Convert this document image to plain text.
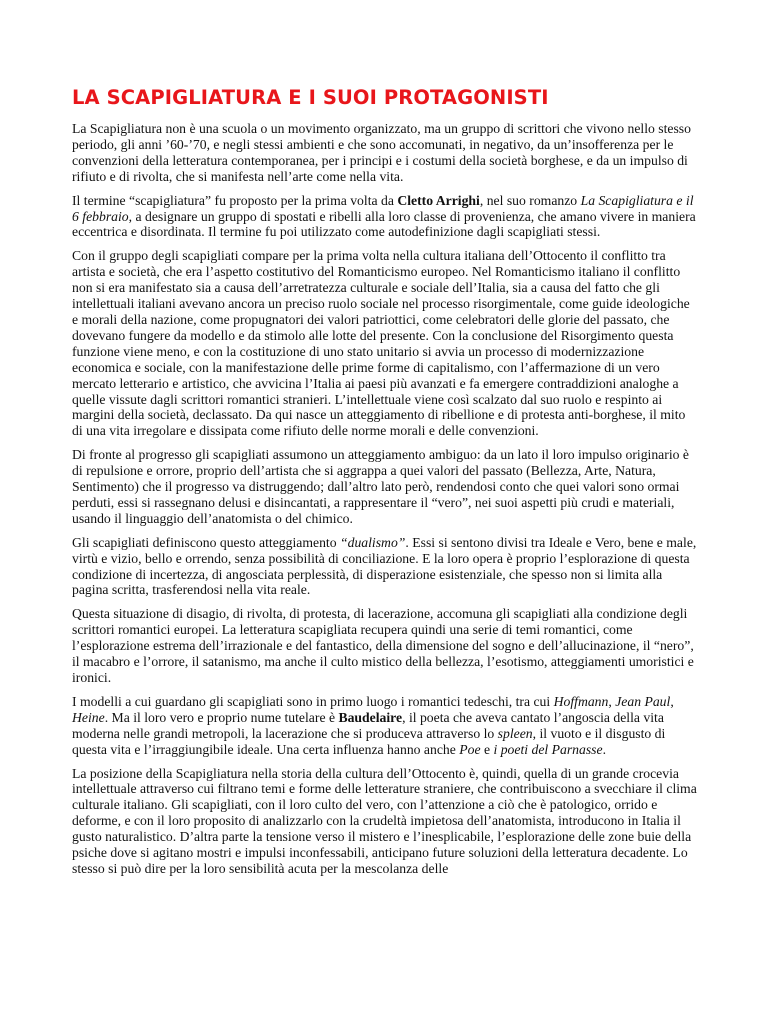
LA SCAPIGLIATURA E I SUOI PROTAGONISTI

La Scapigliatura non è una scuola o un movimento organizzato, ma un gruppo di scrittori che vivono nello stesso periodo, gli anni ’60-’70, e negli stessi ambienti e che sono accomunati, in negativo, da un’insofferenza per le convenzioni della letteratura contemporanea, per i principi e i costumi della società borghese, e da un impulso di rifiuto e di rivolta, che si manifesta nell’arte come nella vita.

Il termine “scapigliatura” fu proposto per la prima volta da Cletto Arrighi, nel suo romanzo La Scapigliatura e il 6 febbraio, a designare un gruppo di spostati e ribelli alla loro classe di provenienza, che amano vivere in maniera eccentrica e disordinata. Il termine fu poi utilizzato come autodefinizione dagli scapigliati stessi.

Con il gruppo degli scapigliati compare per la prima volta nella cultura italiana dell’Ottocento il conflitto tra artista e società, che era l’aspetto costitutivo del Romanticismo europeo. Nel Romanticismo italiano il conflitto non si era manifestato sia a causa dell’arretratezza culturale e sociale dell’Italia, sia a causa del fatto che gli intellettuali italiani avevano ancora un preciso ruolo sociale nel processo risorgimentale, come guide ideologiche e morali della nazione, come propugnatori dei valori patriottici, come celebratori delle glorie del passato, che dovevano fungere da modello e da stimolo alle lotte del presente. Con la conclusione del Risorgimento questa funzione viene meno, e con la costituzione di uno stato unitario si avvia un processo di modernizzazione economica e sociale, con la manifestazione delle prime forme di capitalismo, con l’affermazione di un vero mercato letterario e artistico, che avvicina l’Italia ai paesi più avanzati e fa emergere contraddizioni analoghe a quelle vissute dagli scrittori romantici stranieri. L’intellettuale viene così scalzato dal suo ruolo e respinto ai margini della società, declassato. Da qui nasce un atteggiamento di ribellione e di protesta anti-borghese, il mito di una vita irregolare e dissipata come rifiuto delle norme morali e delle convenzioni.

Di fronte al progresso gli scapigliati assumono un atteggiamento ambiguo: da un lato il loro impulso originario è di repulsione e orrore, proprio dell’artista che si aggrappa a quei valori del passato (Bellezza, Arte, Natura, Sentimento) che il progresso va distruggendo; dall’altro lato però, rendendosi conto che quei valori sono ormai perduti, essi si rassegnano delusi e disincantati, a rappresentare il “vero”, nei suoi aspetti più crudi e materiali, usando il linguaggio dell’anatomista o del chimico.

Gli scapigliati definiscono questo atteggiamento “dualismo”. Essi si sentono divisi tra Ideale e Vero, bene e male, virtù e vizio, bello e orrendo, senza possibilità di conciliazione. E la loro opera è proprio l’esplorazione di questa condizione di incertezza, di angosciata perplessità, di disperazione esistenziale, che spesso non si limita alla pagina scritta, trasferendosi nella vita reale.

Questa situazione di disagio, di rivolta, di protesta, di lacerazione, accomuna gli scapigliati alla condizione degli scrittori romantici europei. La letteratura scapigliata recupera quindi una serie di temi romantici, come l’esplorazione estrema dell’irrazionale e del fantastico, della dimensione del sogno e dell’allucinazione, il “nero”, il macabro e l’orrore, il satanismo, ma anche il culto mistico della bellezza, l’esotismo, atteggiamenti umoristici e ironici.

I modelli a cui guardano gli scapigliati sono in primo luogo i romantici tedeschi, tra cui Hoffmann, Jean Paul, Heine. Ma il loro vero e proprio nume tutelare è Baudelaire, il poeta che aveva cantato l’angoscia della vita moderna nelle grandi metropoli, la lacerazione che si produceva attraverso lo spleen, il vuoto e il disgusto di questa vita e l’irraggiungibile ideale. Una certa influenza hanno anche Poe e i poeti del Parnasse.

La posizione della Scapigliatura nella storia della cultura dell’Ottocento è, quindi, quella di un grande crocevia intellettuale attraverso cui filtrano temi e forme delle letterature straniere, che contribuiscono a svecchiare il clima culturale italiano. Gli scapigliati, con il loro culto del vero, con l’attenzione a ciò che è patologico, orrido e deforme, e con il loro proposito di analizzarlo con la crudeltà impietosa dell’anatomista, introducono in Italia il gusto naturalistico. D’altra parte la tensione verso il mistero e l’inesplicabile, l’esplorazione delle zone buie della psiche dove si agitano mostri e impulsi inconfessabili, anticipano future soluzioni della letteratura decadente. Lo stesso si può dire per la loro sensibilità acuta per la mescolanza delle
